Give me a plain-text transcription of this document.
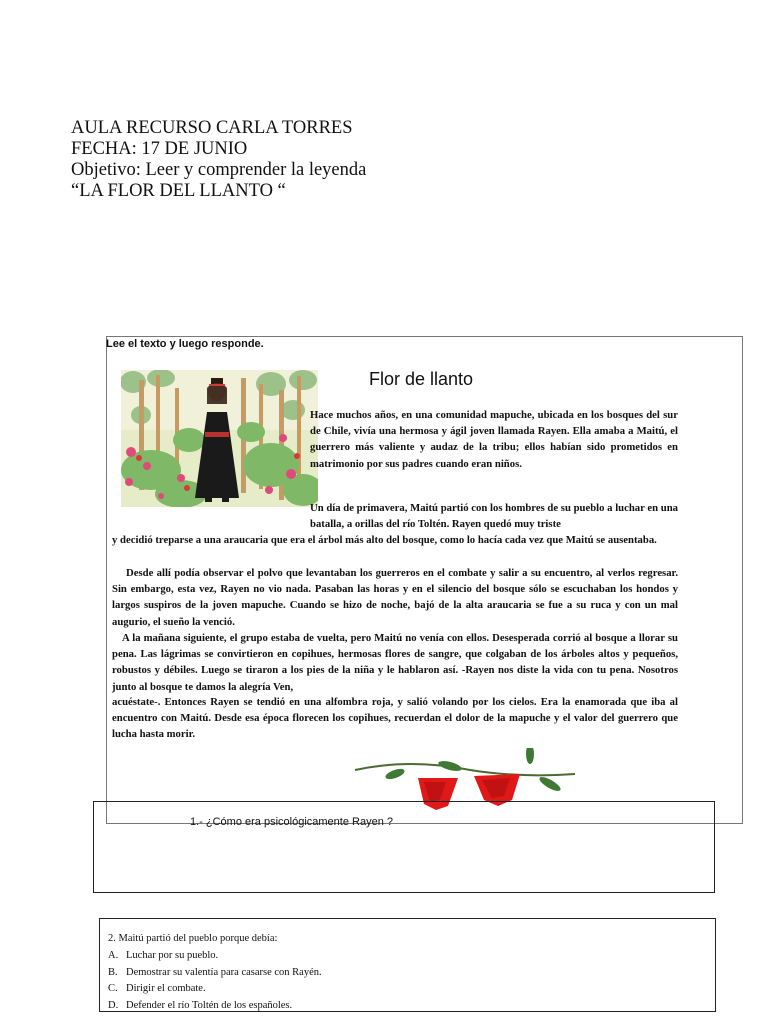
AULA RECURSO CARLA TORRES
FECHA: 17 DE JUNIO
Objetivo: Leer y comprender la leyenda
“LA FLOR DEL LLANTO “
Lee el texto y luego responde.
Flor de llanto

Hace muchos años, en una comunidad mapuche, ubicada en los bosques del sur de Chile, vivía una hermosa y ágil joven llamada Rayen. Ella amaba a Maitú, el guerrero más valiente y audaz de la tribu; ellos habían sido prometidos en matrimonio por sus padres cuando eran niños.

Un día de primavera, Maitú partió con los hombres de su pueblo a luchar en una batalla, a orillas del río Toltén. Rayen quedó muy triste

y decidió treparse a una araucaria que era el árbol más alto del bosque, como lo hacía cada vez que Maitú se ausentaba.

Desde allí podía observar el polvo que levantaban los guerreros en el combate y salir a su encuentro, al verlos regresar. Sin embargo, esta vez, Rayen no vio nada. Pasaban las horas y en el silencio del bosque sólo se escuchaban los hondos y largos suspiros de la joven mapuche. Cuando se hizo de noche, bajó de la alta araucaria se fue a su ruca y con un mal augurio, el sueño la venció.

A la mañana siguiente, el grupo estaba de vuelta, pero Maitú no venía con ellos. Desesperada corrió al bosque a llorar su pena. Las lágrimas se convirtieron en copihues, hermosas flores de sangre, que colgaban de los árboles altos y pequeños, robustos y débiles. Luego se tiraron a los pies de la niña y le hablaron así. -Rayen nos diste la vida con tu pena. Nosotros junto al bosque te damos la alegría Ven,

acuéstate-. Entonces Rayen se tendió en una alfombra roja, y salió volando por los cielos. Era la enamorada que iba al encuentro con Maitú. Desde esa época florecen los copihues, recuerdan el dolor de la mapuche y el valor del guerrero que lucha hasta morir.

1.- ¿Cómo era psicológicamente Rayen ?
2. Maitú partió del pueblo porque debía:
A. Luchar por su pueblo.
B. Demostrar su valentía para casarse con Rayén.
C. Dirigir el combate.
D. Defender el río Toltén de los españoles.
